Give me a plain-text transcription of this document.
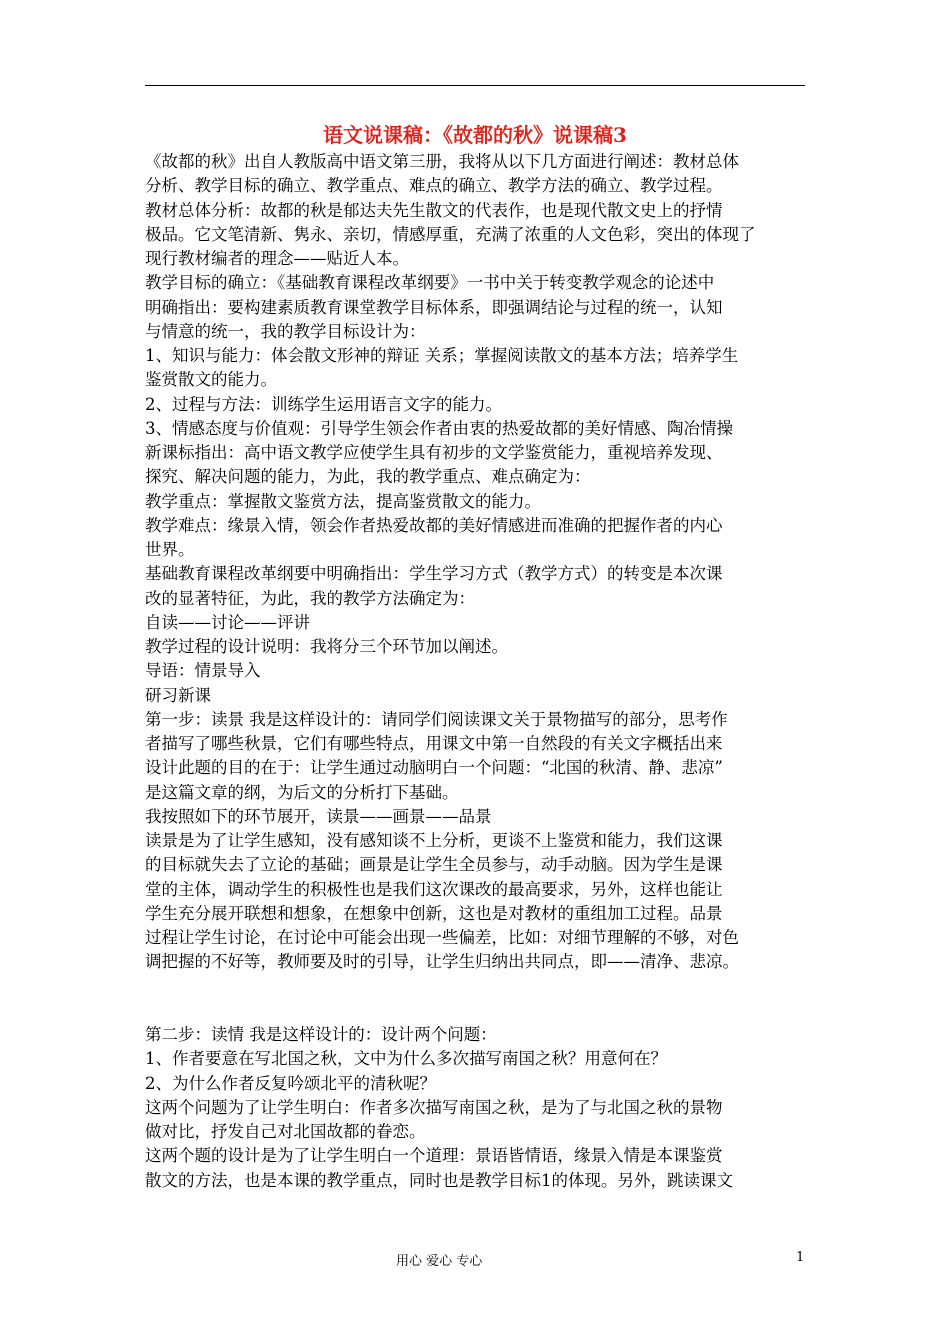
语文说课稿：《故都的秋》说课稿3

《故都的秋》出自人教版高中语文第三册，我将从以下几方面进行阐述：教材总体

分析、教学目标的确立、教学重点、难点的确立、教学方法的确立、教学过程。

教材总体分析：故都的秋是郁达夫先生散文的代表作，也是现代散文史上的抒情

极品。它文笔清新、隽永、亲切，情感厚重，充满了浓重的人文色彩，突出的体现了

现行教材编者的理念——贴近人本。

教学目标的确立：《基础教育课程改革纲要》一书中关于转变教学观念的论述中

明确指出：要构建素质教育课堂教学目标体系，即强调结论与过程的统一，认知

与情意的统一，我的教学目标设计为：

1、知识与能力：体会散文形神的辩证 关系；掌握阅读散文的基本方法；培养学生

鉴赏散文的能力。

2、过程与方法：训练学生运用语言文字的能力。

3、情感态度与价值观：引导学生领会作者由衷的热爱故都的美好情感、陶冶情操

新课标指出：高中语文教学应使学生具有初步的文学鉴赏能力，重视培养发现、

探究、解决问题的能力，为此，我的教学重点、难点确定为：

教学重点：掌握散文鉴赏方法，提高鉴赏散文的能力。

教学难点：缘景入情，领会作者热爱故都的美好情感进而准确的把握作者的内心

世界。

基础教育课程改革纲要中明确指出：学生学习方式（教学方式）的转变是本次课

改的显著特征，为此，我的教学方法确定为：

自读——讨论——评讲

教学过程的设计说明：我将分三个环节加以阐述。

导语：情景导入

研习新课

第一步：读景 我是这样设计的：请同学们阅读课文关于景物描写的部分，思考作

者描写了哪些秋景，它们有哪些特点，用课文中第一自然段的有关文字概括出来

设计此题的目的在于：让学生通过动脑明白一个问题：“北国的秋清、静、悲凉”

是这篇文章的纲，为后文的分析打下基础。

我按照如下的环节展开，读景——画景——品景

读景是为了让学生感知，没有感知谈不上分析，更谈不上鉴赏和能力，我们这课

的目标就失去了立论的基础；画景是让学生全员参与，动手动脑。因为学生是课

堂的主体，调动学生的积极性也是我们这次课改的最高要求，另外，这样也能让

学生充分展开联想和想象，在想象中创新，这也是对教材的重组加工过程。品景

过程让学生讨论，在讨论中可能会出现一些偏差，比如：对细节理解的不够，对色

调把握的不好等，教师要及时的引导，让学生归纳出共同点，即——清净、悲凉。

第二步：读情 我是这样设计的：设计两个问题：

1、作者要意在写北国之秋，文中为什么多次描写南国之秋？用意何在？

2、为什么作者反复吟颂北平的清秋呢？

这两个问题为了让学生明白：作者多次描写南国之秋，是为了与北国之秋的景物

做对比，抒发自己对北国故都的眷恋。

这两个题的设计是为了让学生明白一个道理：景语皆情语，缘景入情是本课鉴赏

散文的方法，也是本课的教学重点，同时也是教学目标1的体现。另外，跳读课文

用心 爱心 专心	1
